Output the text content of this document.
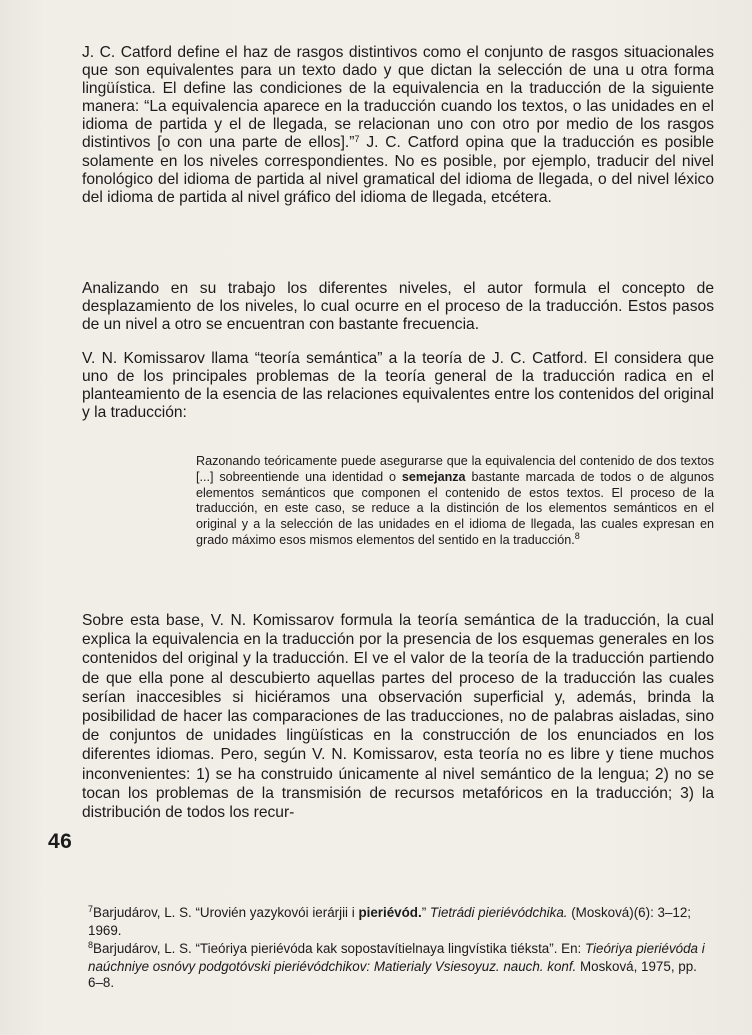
J. C. Catford define el haz de rasgos distintivos como el conjunto de rasgos situacionales que son equivalentes para un texto dado y que dictan la selección de una u otra forma lingüística. El define las condiciones de la equivalencia en la traducción de la siguiente manera: “La equivalencia aparece en la traducción cuando los textos, o las unidades en el idioma de partida y el de llegada, se relacionan uno con otro por medio de los rasgos distintivos [o con una parte de ellos].”$^7$ J. C. Catford opina que la traducción es posible solamente en los niveles correspondientes. No es posible, por ejemplo, traducir del nivel fonológico del idioma de partida al nivel gramatical del idioma de llegada, o del nivel léxico del idioma de partida al nivel gráfico del idioma de llegada, etcétera.

Analizando en su trabajo los diferentes niveles, el autor formula el concepto de desplazamiento de los niveles, lo cual ocurre en el proceso de la traducción. Estos pasos de un nivel a otro se encuentran con bastante frecuencia.

V. N. Komissarov llama “teoría semántica” a la teoría de J. C. Catford. El considera que uno de los principales problemas de la teoría general de la traducción radica en el planteamiento de la esencia de las relaciones equivalentes entre los contenidos del original y la traducción:

Razonando teóricamente puede asegurarse que la equivalencia del contenido de dos textos [...] sobreentiende una identidad o semejanza bastante marcada de todos o de algunos elementos semánticos que componen el contenido de estos textos. El proceso de la traducción, en este caso, se reduce a la distinción de los elementos semánticos en el original y a la selección de las unidades en el idioma de llegada, las cuales expresan en grado máximo esos mismos elementos del sentido en la traducción.$^8$

Sobre esta base, V. N. Komissarov formula la teoría semántica de la traducción, la cual explica la equivalencia en la traducción por la presencia de los esquemas generales en los contenidos del original y la traducción. El ve el valor de la teoría de la traducción partiendo de que ella pone al descubierto aquellas partes del proceso de la traducción las cuales serían inaccesibles si hiciéramos una observación superficial y, además, brinda la posibilidad de hacer las comparaciones de las traducciones, no de palabras aisladas, sino de conjuntos de unidades lingüísticas en la construcción de los enunciados en los diferentes idiomas. Pero, según V. N. Komissarov, esta teoría no es libre y tiene muchos inconvenientes: 1) se ha construido únicamente al nivel semántico de la lengua; 2) no se tocan los problemas de la transmisión de recursos metafóricos en la traducción; 3) la distribución de todos los recur-

46

$^7$Barjudárov, L. S. “Urovién yazykovói ierárjii i pieriévód.” Tietrádi pieriévódchika. (Mosková)(6): 3–12; 1969.

$^8$Barjudárov, L. S. “Tieóriya pieriévóda kak sopostavítielnaya lingvístika tiéksta”. En: Tieóriya pieriévóda i naúchniye osnóvy podgotóvski pieriévódchikov: Matierialy Vsiesoyuz. nauch. konf. Mosková, 1975, pp. 6–8.
